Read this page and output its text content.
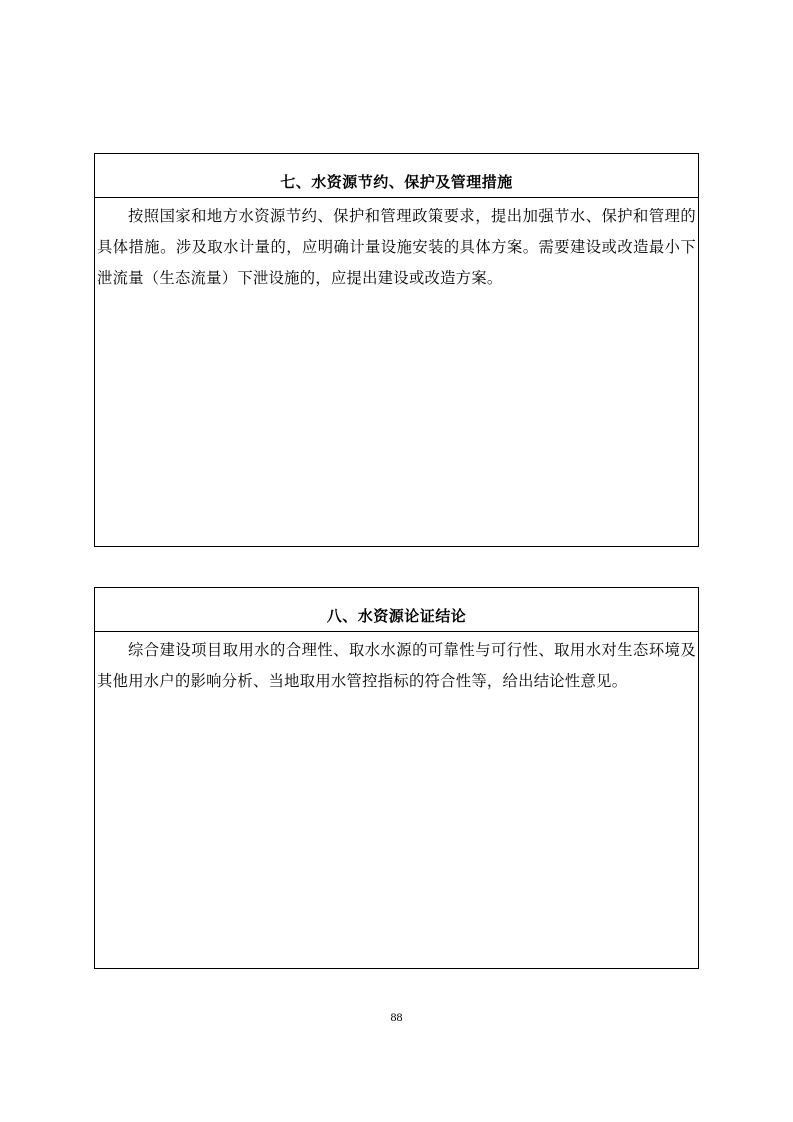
七、水资源节约、保护及管理措施
按照国家和地方水资源节约、保护和管理政策要求，提出加强节水、保护和管理的具体措施。涉及取水计量的，应明确计量设施安装的具体方案。需要建设或改造最小下泄流量（生态流量）下泄设施的，应提出建设或改造方案。
八、水资源论证结论
综合建设项目取用水的合理性、取水水源的可靠性与可行性、取用水对生态环境及其他用水户的影响分析、当地取用水管控指标的符合性等，给出结论性意见。
88
